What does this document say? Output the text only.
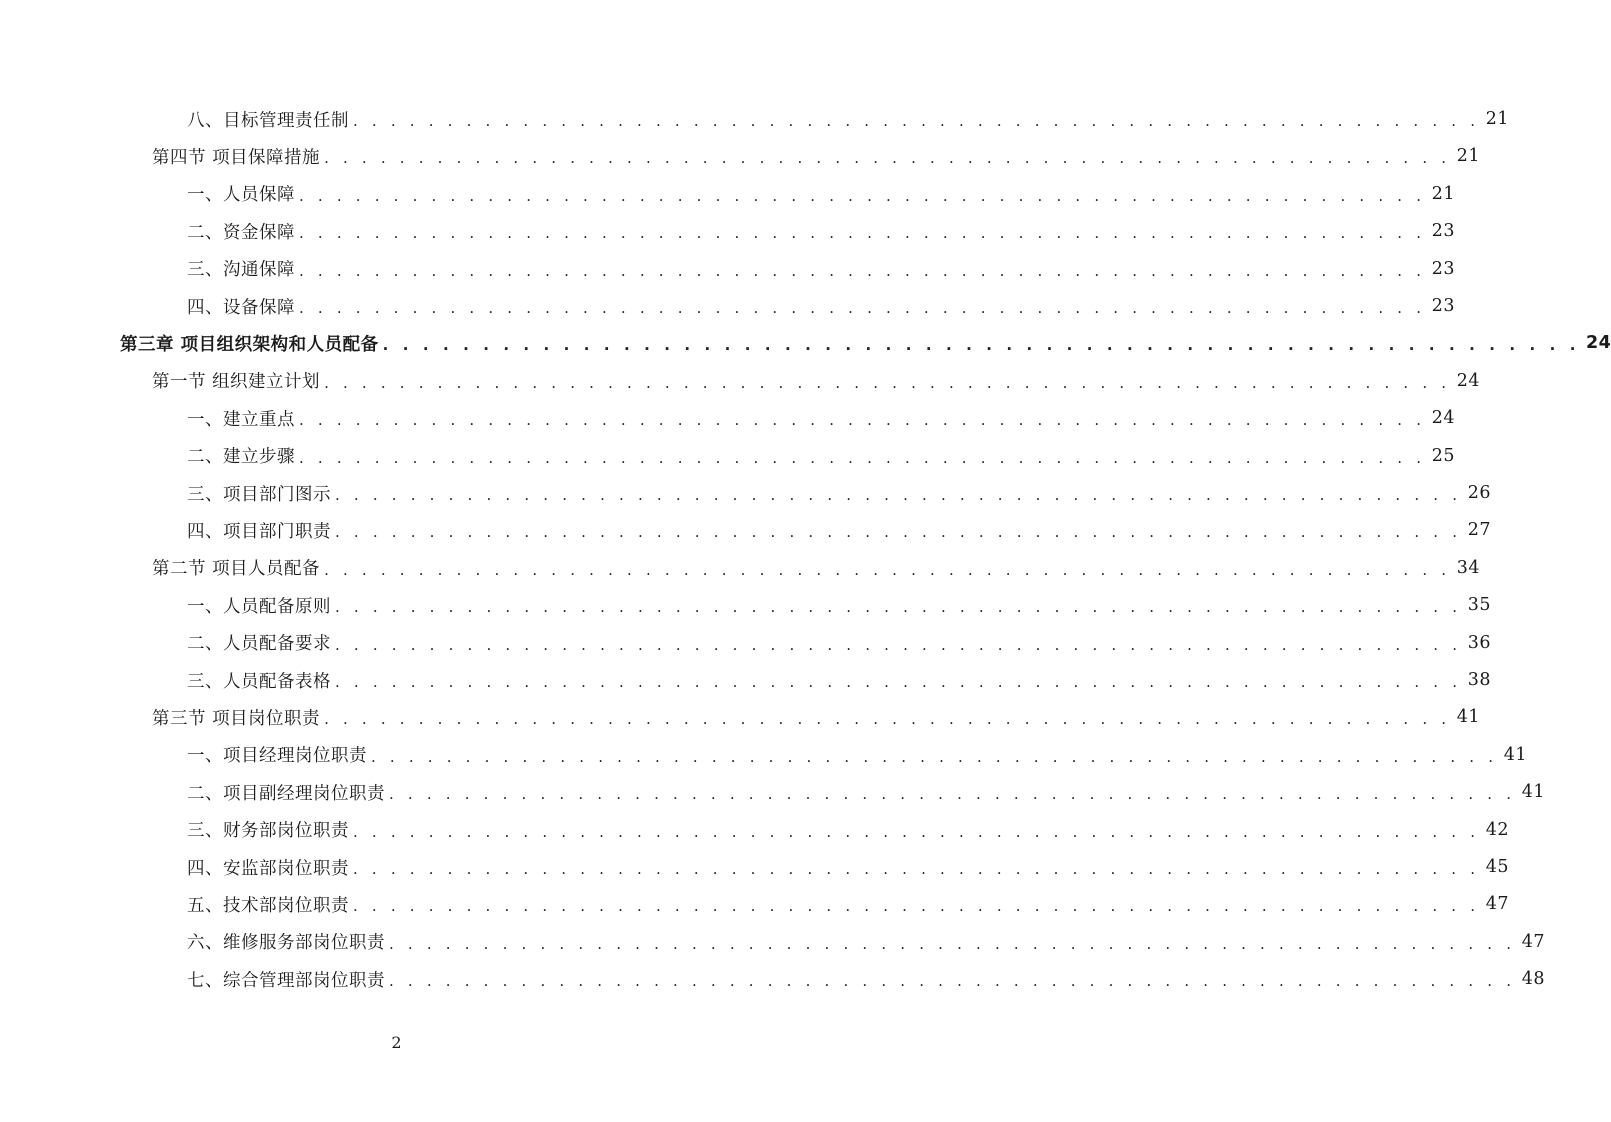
八、目标管理责任制 . . . . . . . . . . . . . . . . . . . . . . . . . . . . . . . . . . . . . . . . . . . . . . . . . . . . . . . . . . . . 21
第四节 项目保障措施 . . . . . . . . . . . . . . . . . . . . . . . . . . . . . . . . . . . . . . . . . . . . . . . . . . . . . . . . . . . . 21
一、人员保障 . . . . . . . . . . . . . . . . . . . . . . . . . . . . . . . . . . . . . . . . . . . . . . . . . . . . . . . . . . . . 21
二、资金保障 . . . . . . . . . . . . . . . . . . . . . . . . . . . . . . . . . . . . . . . . . . . . . . . . . . . . . . . . . . . . 23
三、沟通保障 . . . . . . . . . . . . . . . . . . . . . . . . . . . . . . . . . . . . . . . . . . . . . . . . . . . . . . . . . . . . 23
四、设备保障 . . . . . . . . . . . . . . . . . . . . . . . . . . . . . . . . . . . . . . . . . . . . . . . . . . . . . . . . . . . . 23
第三章 项目组织架构和人员配备 . . . . . . . . . . . . . . . . . . . . . . . . . . . . . . . . . . . . . . . . . . . . . . . . . . . . . . . . . . . . 24
第一节 组织建立计划 . . . . . . . . . . . . . . . . . . . . . . . . . . . . . . . . . . . . . . . . . . . . . . . . . . . . . . . . . . . . 24
一、建立重点 . . . . . . . . . . . . . . . . . . . . . . . . . . . . . . . . . . . . . . . . . . . . . . . . . . . . . . . . . . . . 24
二、建立步骤 . . . . . . . . . . . . . . . . . . . . . . . . . . . . . . . . . . . . . . . . . . . . . . . . . . . . . . . . . . . . 25
三、项目部门图示 . . . . . . . . . . . . . . . . . . . . . . . . . . . . . . . . . . . . . . . . . . . . . . . . . . . . . . . . . . . . 26
四、项目部门职责 . . . . . . . . . . . . . . . . . . . . . . . . . . . . . . . . . . . . . . . . . . . . . . . . . . . . . . . . . . . . 27
第二节 项目人员配备 . . . . . . . . . . . . . . . . . . . . . . . . . . . . . . . . . . . . . . . . . . . . . . . . . . . . . . . . . . . . 34
一、人员配备原则 . . . . . . . . . . . . . . . . . . . . . . . . . . . . . . . . . . . . . . . . . . . . . . . . . . . . . . . . . . . . 35
二、人员配备要求 . . . . . . . . . . . . . . . . . . . . . . . . . . . . . . . . . . . . . . . . . . . . . . . . . . . . . . . . . . . . 36
三、人员配备表格 . . . . . . . . . . . . . . . . . . . . . . . . . . . . . . . . . . . . . . . . . . . . . . . . . . . . . . . . . . . . 38
第三节 项目岗位职责 . . . . . . . . . . . . . . . . . . . . . . . . . . . . . . . . . . . . . . . . . . . . . . . . . . . . . . . . . . . . 41
一、项目经理岗位职责 . . . . . . . . . . . . . . . . . . . . . . . . . . . . . . . . . . . . . . . . . . . . . . . . . . . . . . . . . . . . 41
二、项目副经理岗位职责 . . . . . . . . . . . . . . . . . . . . . . . . . . . . . . . . . . . . . . . . . . . . . . . . . . . . . . . . . . . . 41
三、财务部岗位职责 . . . . . . . . . . . . . . . . . . . . . . . . . . . . . . . . . . . . . . . . . . . . . . . . . . . . . . . . . . . . 42
四、安监部岗位职责 . . . . . . . . . . . . . . . . . . . . . . . . . . . . . . . . . . . . . . . . . . . . . . . . . . . . . . . . . . . . 45
五、技术部岗位职责 . . . . . . . . . . . . . . . . . . . . . . . . . . . . . . . . . . . . . . . . . . . . . . . . . . . . . . . . . . . . 47
六、维修服务部岗位职责 . . . . . . . . . . . . . . . . . . . . . . . . . . . . . . . . . . . . . . . . . . . . . . . . . . . . . . . . . . . . 47
七、综合管理部岗位职责 . . . . . . . . . . . . . . . . . . . . . . . . . . . . . . . . . . . . . . . . . . . . . . . . . . . . . . . . . . . . 48
2
